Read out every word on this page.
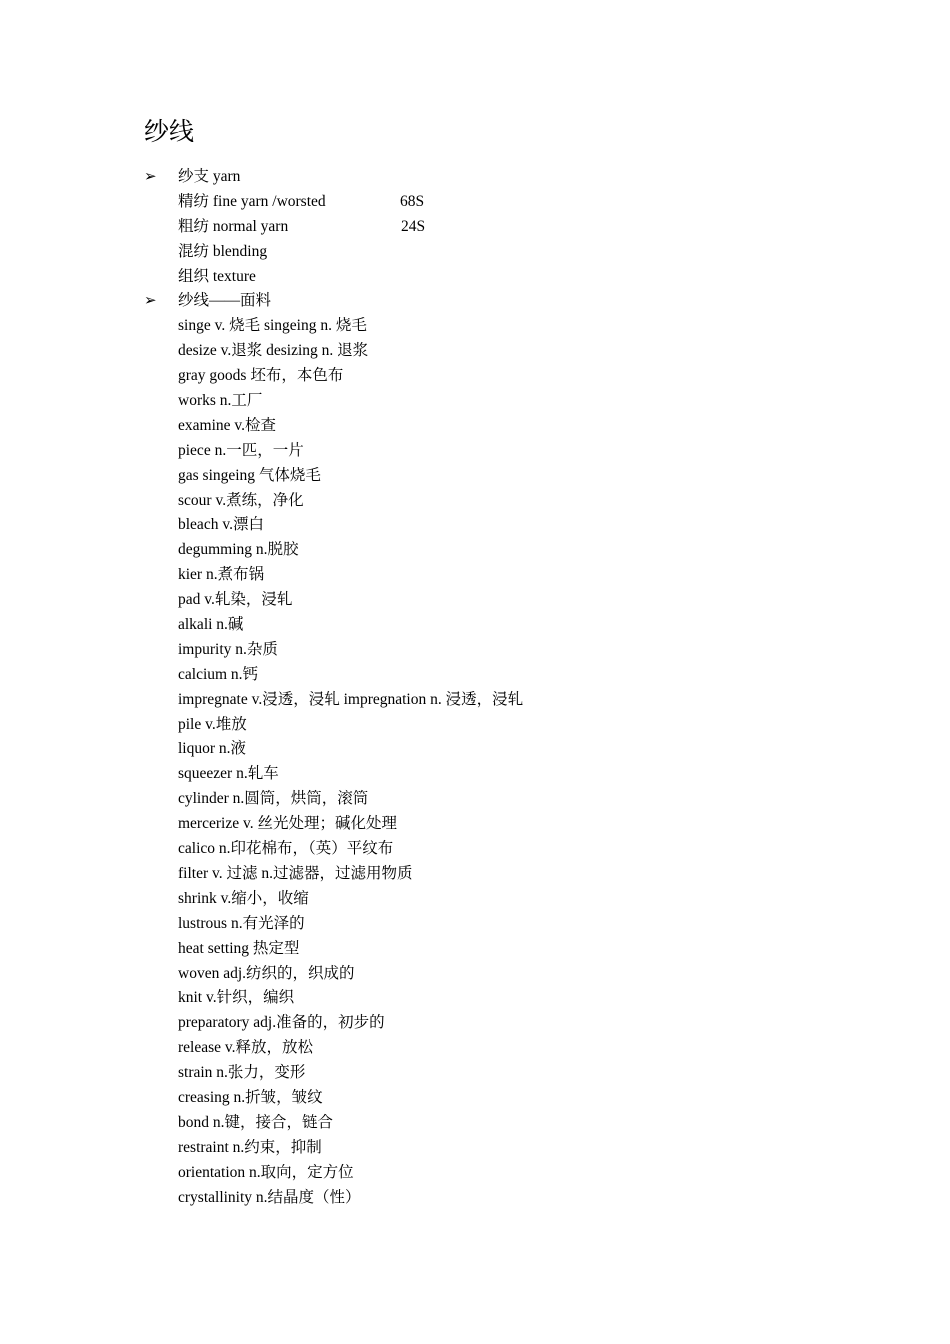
纱线
➢ 纱支 yarn
精纺 fine yarn /worsted	68S
粗纺 normal yarn	24S
混纺 blending
组织 texture
➢ 纱线——面料
singe v. 烧毛 singeing n. 烧毛
desize v.退浆 desizing n. 退浆
gray goods 坯布，本色布
works n.工厂
examine v.检查
piece n.一匹，一片
gas singeing 气体烧毛
scour v.煮练，净化
bleach v.漂白
degumming n.脱胶
kier n.煮布锅
pad v.轧染，浸轧
alkali n.碱
impurity n.杂质
calcium n.钙
impregnate v.浸透，浸轧 impregnation n. 浸透，浸轧
pile v.堆放
liquor n.液
squeezer n.轧车
cylinder n.圆筒，烘筒，滚筒
mercerize v. 丝光处理；碱化处理
calico n.印花棉布，（英）平纹布
filter v. 过滤 n.过滤器，过滤用物质
shrink v.缩小，收缩
lustrous n.有光泽的
heat setting 热定型
woven adj.纺织的，织成的
knit v.针织，编织
preparatory adj.准备的，初步的
release v.释放，放松
strain n.张力，变形
creasing n.折皱，皱纹
bond n.键，接合，链合
restraint n.约束，抑制
orientation n.取向，定方位
crystallinity n.结晶度（性）
